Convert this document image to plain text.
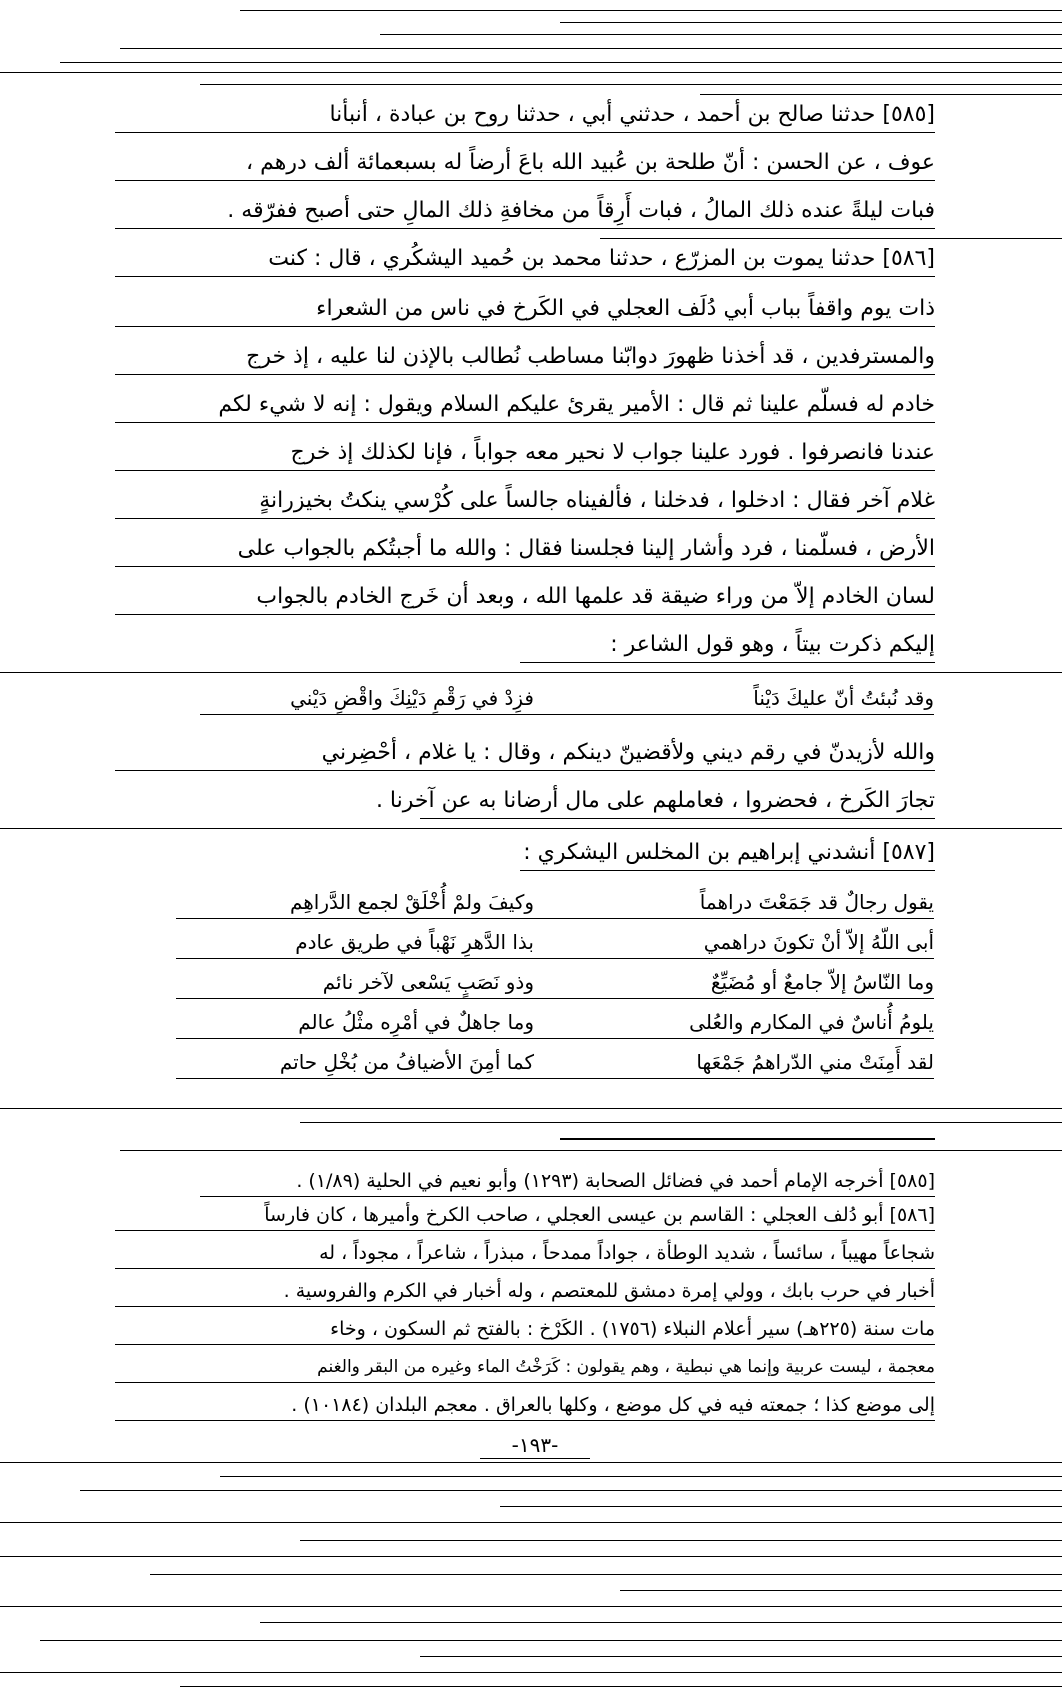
[٥٨٥] حدثنا صالح بن أحمد ، حدثني أبي ، حدثنا روح بن عبادة ، أنبأنا
عوف ، عن الحسن : أنّ طلحة بن عُبيد الله باعَ أرضاً له بسبعمائة ألف درهم ،
فبات ليلةً عنده ذلك المالُ ، فبات أَرِقاً من مخافةِ ذلك المالِ حتى أصبح ففرّقه .
[٥٨٦] حدثنا يموت بن المزرّع ، حدثنا محمد بن حُميد اليشكُري ، قال : كنت
ذات يوم واقفاً بباب أبي دُلَف العجلي في الكَرخ في ناس من الشعراء
والمسترفدين ، قد أخذنا ظهورَ دوابّنا مساطب نُطالب بالإذن لنا عليه ، إذ خرج
خادم له فسلّم علينا ثم قال : الأمير يقرئ عليكم السلام ويقول : إنه لا شيء لكم
عندنا فانصرفوا . فورد علينا جواب لا نحير معه جواباً ، فإنا لكذلك إذ خرج
غلام آخر فقال : ادخلوا ، فدخلنا ، فألفيناه جالساً على كُرْسي ينكتُ بخيزرانةٍ
الأرض ، فسلّمنا ، فرد وأشار إلينا فجلسنا فقال : والله ما أجبتُكم بالجواب على
لسان الخادم إلاّ من وراء ضيقة قد علمها الله ، وبعد أن خَرج الخادم بالجواب
إليكم ذكرت بيتاً ، وهو قول الشاعر :
وقد نُبئتُ أنّ عليكَ دَيْناً
فزِدْ في رَقْمِ دَيْنِكَ واقْضِ دَيْني
والله لأزيدنّ في رقم ديني ولأقضينّ دينكم ، وقال : يا غلام ، أحْضِرني
تجارَ الكَرخ ، فحضروا ، فعاملهم على مال أرضانا به عن آخرنا .
[٥٨٧] أنشدني إبراهيم بن المخلس اليشكري :
يقول رجالٌ قد جَمَعْتَ دراهماً
وكيفَ ولمْ أُخْلَقْ لجمع الدَّراهِم
أبى اللّهُ إلاّ أنْ تكونَ دراهمي
بذا الدَّهرِ نَهْباً في طريق عادم
وما النّاسُ إلاّ جامعٌ أو مُضَيِّعٌ
وذو نَصَبٍ يَسْعى لآخر نائم
يلومُ أُناسٌ في المكارم والعُلى
وما جاهلٌ في أمْرِه مثْلُ عالم
لقد أَمِنَتْ مني الدّراهمُ جَمْعَها
كما أمِنَ الأضيافُ من بُخْلِ حاتم
[٥٨٥] أخرجه الإمام أحمد في فضائل الصحابة (١٢٩٣) وأبو نعيم في الحلية (١/٨٩) .
[٥٨٦] أبو دُلف العجلي : القاسم بن عيسى العجلي ، صاحب الكرخ وأميرها ، كان فارساً
شجاعاً مهيباً ، سائساً ، شديد الوطأة ، جواداً ممدحاً ، مبذراً ، شاعراً ، مجوداً ، له
أخبار في حرب بابك ، وولي إمرة دمشق للمعتصم ، وله أخبار في الكرم والفروسية .
مات سنة (٢٢٥هـ) سير أعلام النبلاء (١٧٥٦) . الكَرْخ : بالفتح ثم السكون ، وخاء
معجمة ، ليست عربية وإنما هي نبطية ، وهم يقولون : كَرَخْتُ الماء وغيره من البقر والغنم
إلى موضع كذا ؛ جمعته فيه في كل موضع ، وكلها بالعراق . معجم البلدان (١٠١٨٤) .
-١٩٣-
